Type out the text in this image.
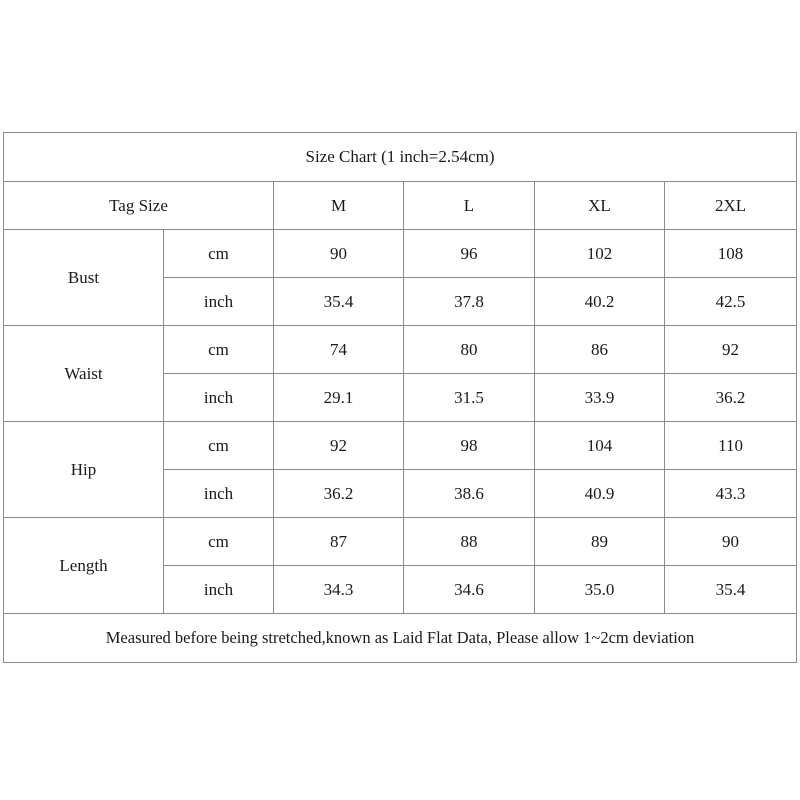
Size Chart (1 inch=2.54cm)					
Tag Size		M	L	XL	2XL
Bust	cm	90	96	102	108
	inch	35.4	37.8	40.2	42.5
Waist	cm	74	80	86	92
	inch	29.1	31.5	33.9	36.2
Hip	cm	92	98	104	110
	inch	36.2	38.6	40.9	43.3
Length	cm	87	88	89	90
	inch	34.3	34.6	35.0	35.4
Measured before being stretched,known as Laid Flat Data, Please allow 1~2cm deviation					
